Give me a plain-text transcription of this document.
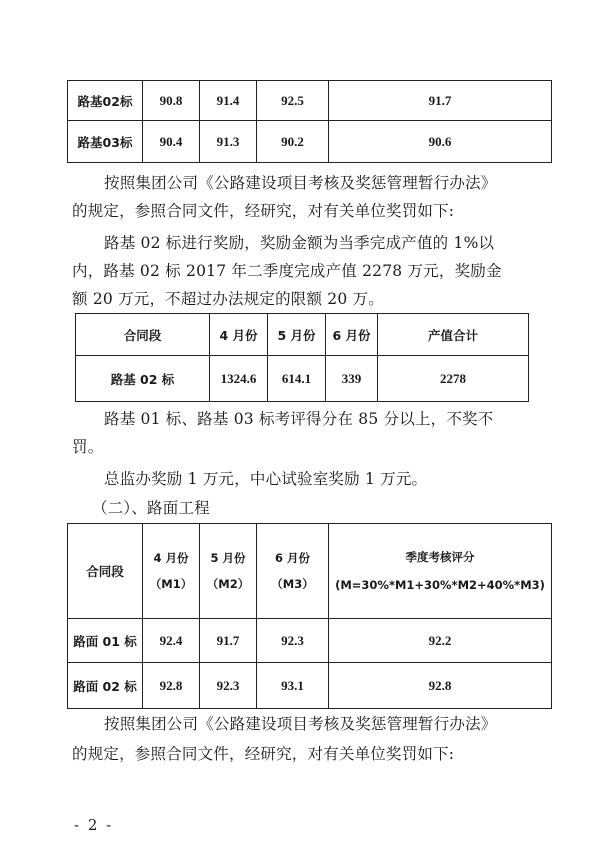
路基02标	90.8	91.4	92.5	91.7
路基03标	90.4	91.3	90.2	90.6

按照集团公司《公路建设项目考核及奖惩管理暂行办法》

的规定，参照合同文件，经研究，对有关单位奖罚如下:

路基 02 标进行奖励，奖励金额为当季完成产值的 1%以

内，路基 02 标 2017 年二季度完成产值 2278 万元，奖励金

额 20 万元，不超过办法规定的限额 20 万。

合同段	4 月份	5 月份	6 月份	产值合计
路基 02 标	1324.6	614.1	339	2278

路基 01 标、路基 03 标考评得分在 85 分以上，不奖不

罚。

总监办奖励 1 万元，中心试验室奖励 1 万元。

（二）、路面工程

合同段	4 月份
（M1）	5 月份
（M2）	6 月份
（M3）	季度考核评分
(M=30%*M1+30%*M2+40%*M3)

路面 01 标	92.4	91.7	92.3	92.2
路面 02 标	92.8	92.3	93.1	92.8

按照集团公司《公路建设项目考核及奖惩管理暂行办法》

的规定，参照合同文件，经研究，对有关单位奖罚如下:

- 2 -
